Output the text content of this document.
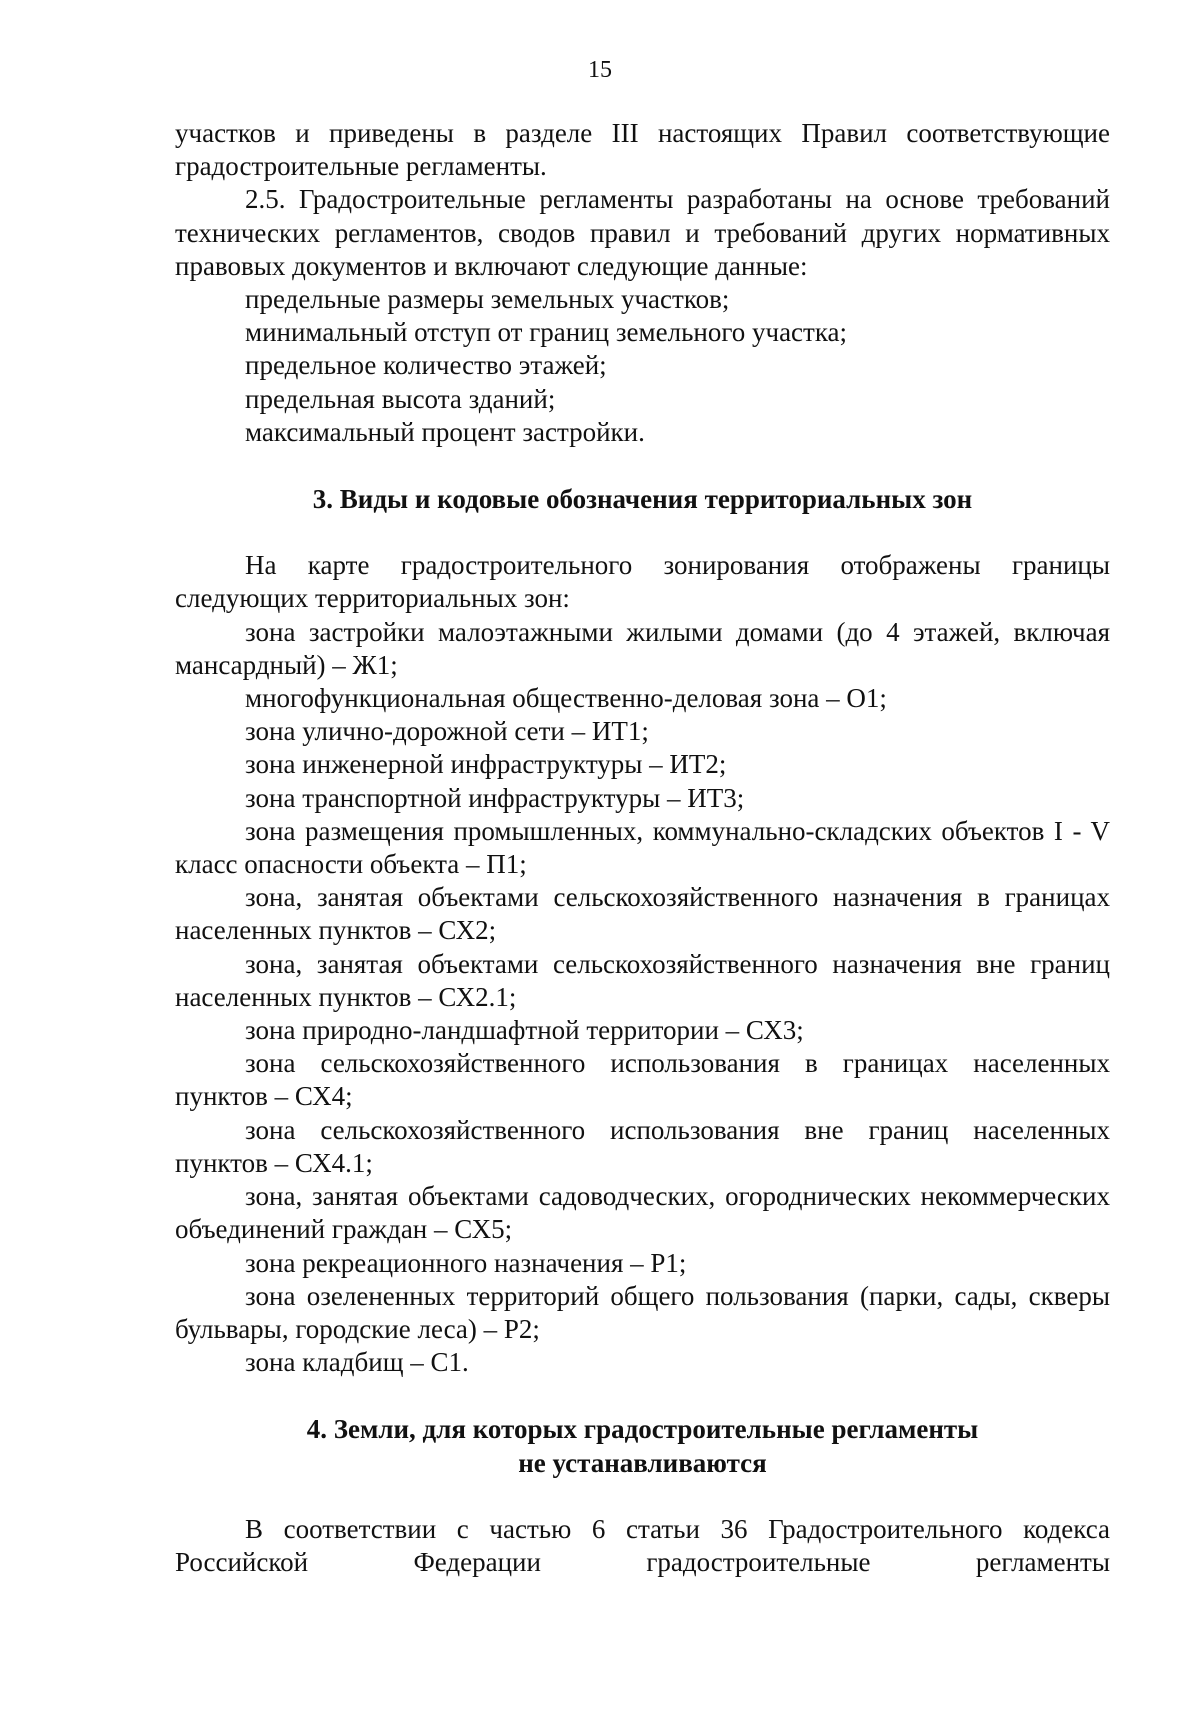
15

участков и приведены в разделе III настоящих Правил соответствующие градостроительные регламенты.

2.5. Градостроительные регламенты разработаны на основе требований технических регламентов, сводов правил и требований других нормативных правовых документов и включают следующие данные:

предельные размеры земельных участков;

минимальный отступ от границ земельного участка;

предельное количество этажей;

предельная высота зданий;

максимальный процент застройки.

3. Виды и кодовые обозначения территориальных зон

На карте градостроительного зонирования отображены границы следующих территориальных зон:

зона застройки малоэтажными жилыми домами (до 4 этажей, включая мансардный) – Ж1;

многофункциональная общественно-деловая зона – О1;

зона улично-дорожной сети – ИТ1;

зона инженерной инфраструктуры – ИТ2;

зона транспортной инфраструктуры – ИТ3;

зона размещения промышленных, коммунально-складских объектов I - V класс опасности объекта – П1;

зона, занятая объектами сельскохозяйственного назначения в границах населенных пунктов – СХ2;

зона, занятая объектами сельскохозяйственного назначения вне границ населенных пунктов – СХ2.1;

зона природно-ландшафтной территории – СХ3;

зона сельскохозяйственного использования в границах населенных пунктов – СХ4;

зона сельскохозяйственного использования вне границ населенных пунктов – СХ4.1;

зона, занятая объектами садоводческих, огороднических некоммерческих объединений граждан – СХ5;

зона рекреационного назначения – Р1;

зона озелененных территорий общего пользования (парки, сады, скверы бульвары, городские леса) – Р2;

зона кладбищ – С1.

4. Земли, для которых градостроительные регламенты

не устанавливаются

В соответствии с частью 6 статьи 36 Градостроительного кодекса

Российской Федерации градостроительные регламенты
